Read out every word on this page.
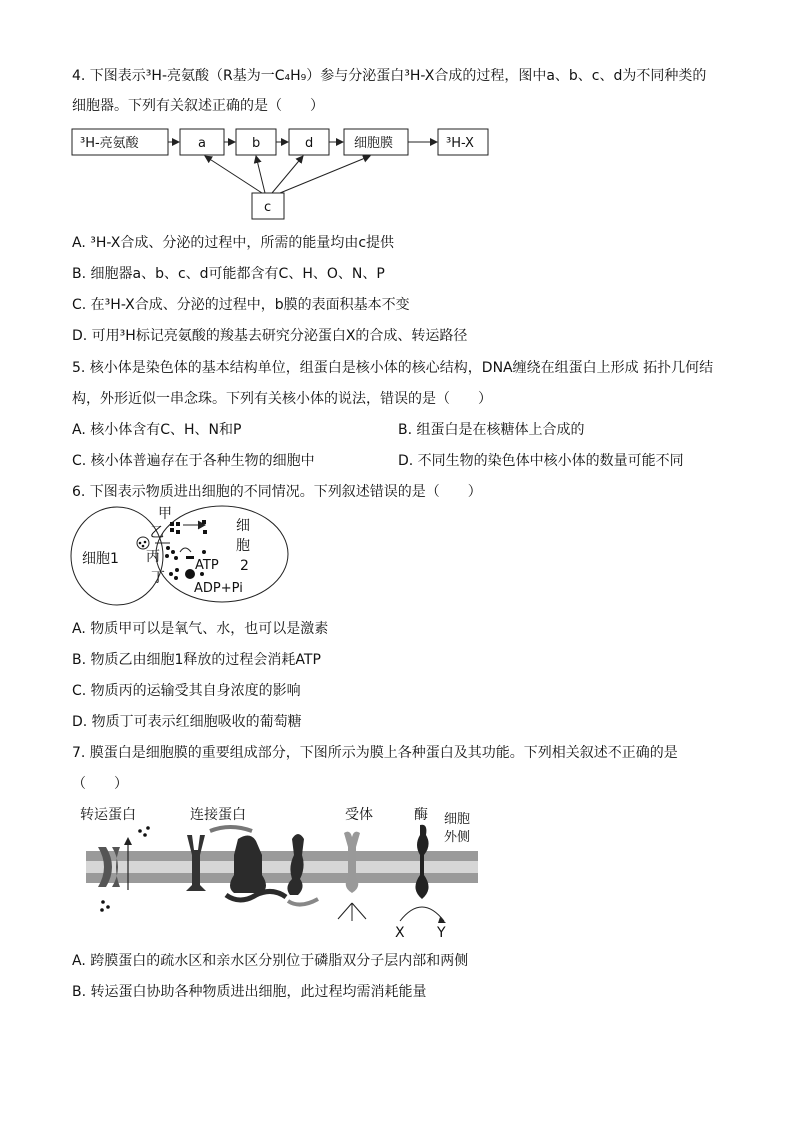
4. 下图表示³H-亮氨酸（R基为一C₄H₉）参与分泌蛋白³H-X合成的过程，图中a、b、c、d为不同种类的
细胞器。下列有关叙述正确的是（　　）
³H-亮氨酸	a	b	d	细胞膜	³H-X
c
A. ³H-X合成、分泌的过程中，所需的能量均由c提供
B. 细胞器a、b、c、d可能都含有C、H、O、N、P
C. 在³H-X合成、分泌的过程中，b膜的表面积基本不变
D. 可用³H标记亮氨酸的羧基去研究分泌蛋白X的合成、转运路径
5. 核小体是染色体的基本结构单位，组蛋白是核小体的核心结构，DNA缠绕在组蛋白上形成 拓扑几何结
构，外形近似一串念珠。下列有关核小体的说法，错误的是（　　）
A. 核小体含有C、H、N和P	B. 组蛋白是在核糖体上合成的
C. 核小体普遍存在于各种生物的细胞中	D. 不同生物的染色体中核小体的数量可能不同
6. 下图表示物质进出细胞的不同情况。下列叙述错误的是（　　）
细胞1
细
胞
2
甲
乙
丙
丁
ATP
ADP+Pi
A. 物质甲可以是氧气、水，也可以是激素
B. 物质乙由细胞1释放的过程会消耗ATP
C. 物质丙的运输受其自身浓度的影响
D. 物质丁可表示红细胞吸收的葡萄糖
7. 膜蛋白是细胞膜的重要组成部分，下图所示为膜上各种蛋白及其功能。下列相关叙述不正确的是
（　　）
转运蛋白	连接蛋白	受体	酶 细胞
外侧
X Y
A. 跨膜蛋白的疏水区和亲水区分别位于磷脂双分子层内部和两侧
B. 转运蛋白协助各种物质进出细胞，此过程均需消耗能量
